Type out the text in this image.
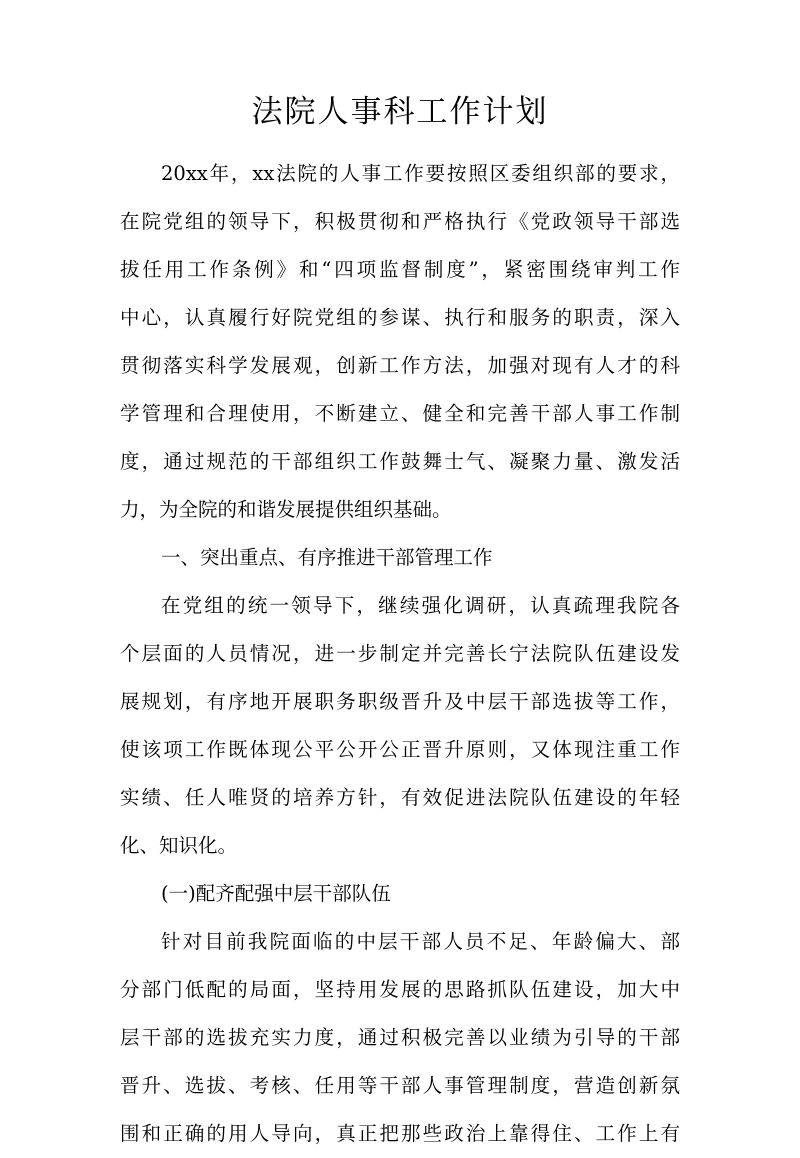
法院人事科工作计划
20xx年，xx法院的人事工作要按照区委组织部的要求，
在院党组的领导下，积极贯彻和严格执行《党政领导干部选
拔任用工作条例》和“四项监督制度”，紧密围绕审判工作
中心，认真履行好院党组的参谋、执行和服务的职责，深入
贯彻落实科学发展观，创新工作方法，加强对现有人才的科
学管理和合理使用，不断建立、健全和完善干部人事工作制
度，通过规范的干部组织工作鼓舞士气、凝聚力量、激发活
力，为全院的和谐发展提供组织基础。
一、突出重点、有序推进干部管理工作
在党组的统一领导下，继续强化调研，认真疏理我院各
个层面的人员情况，进一步制定并完善长宁法院队伍建设发
展规划，有序地开展职务职级晋升及中层干部选拔等工作，
使该项工作既体现公平公开公正晋升原则，又体现注重工作
实绩、任人唯贤的培养方针，有效促进法院队伍建设的年轻
化、知识化。
(一)配齐配强中层干部队伍
针对目前我院面临的中层干部人员不足、年龄偏大、部
分部门低配的局面，坚持用发展的思路抓队伍建设，加大中
层干部的选拔充实力度，通过积极完善以业绩为引导的干部
晋升、选拔、考核、任用等干部人事管理制度，营造创新氛
围和正确的用人导向，真正把那些政治上靠得住、工作上有
